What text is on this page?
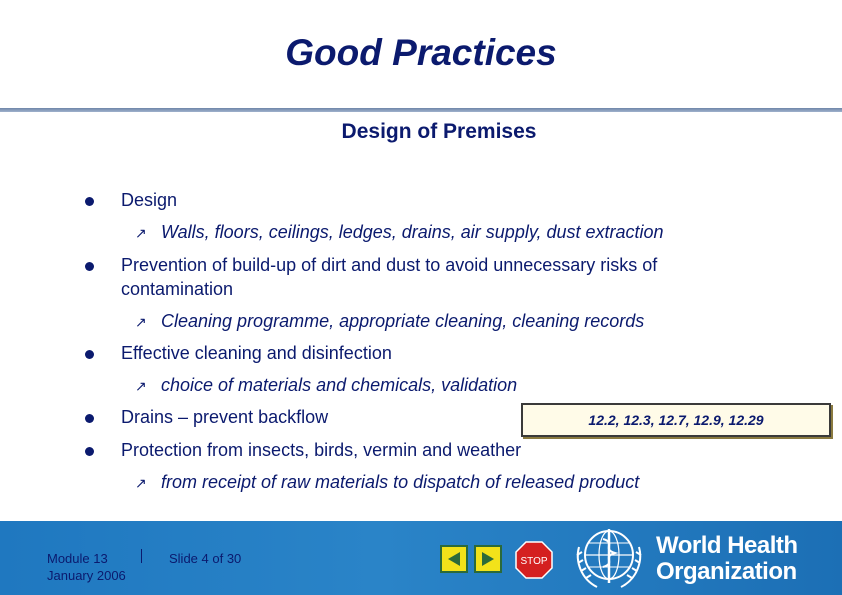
Good Practices
Design of Premises
Design
↗ Walls, floors, ceilings, ledges, drains, air supply, dust extraction
Prevention of build-up of dirt and dust to avoid unnecessary risks of contamination
↗ Cleaning programme, appropriate cleaning, cleaning records
Effective cleaning and disinfection
↗ choice of materials and chemicals, validation
Drains – prevent backflow	12.2, 12.3, 12.7, 12.9, 12.29
Protection from insects, birds, vermin and weather
↗ from receipt of raw materials to dispatch of released product
Module 13
January 2006
Slide 4 of 30	STOP
World Health
Organization
